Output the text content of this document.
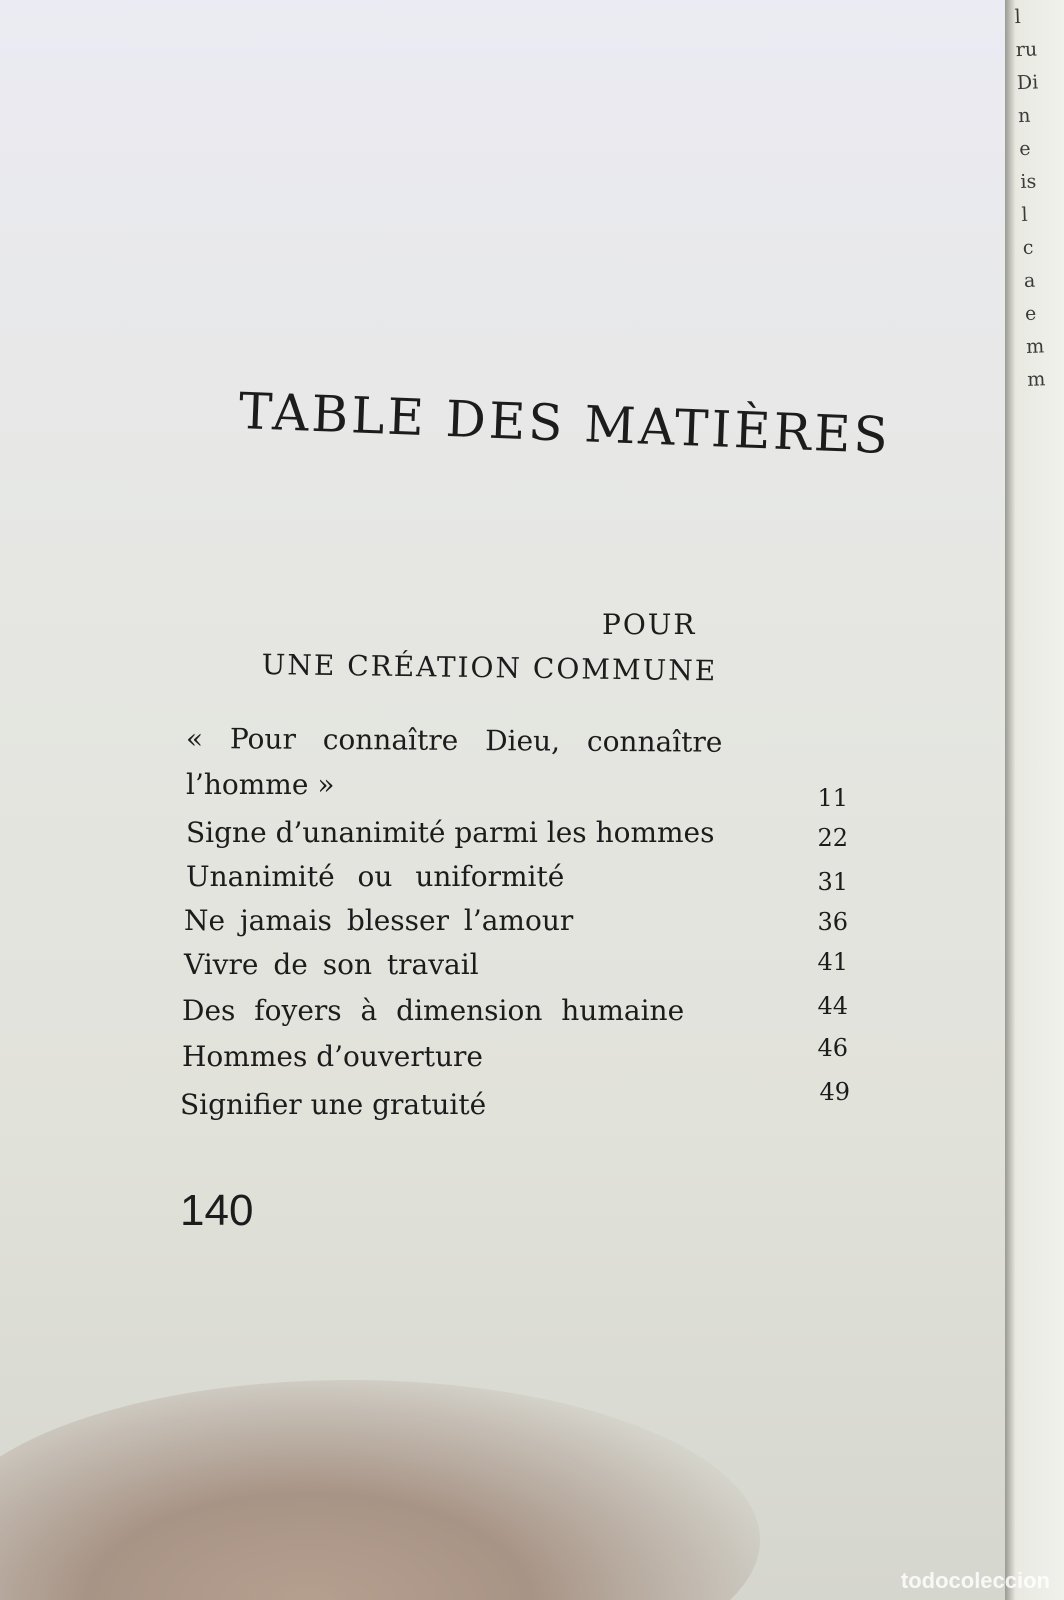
l
ru
Di
n
e
is
l
c
a
e
m
m
TABLE DES MATIÈRES
POUR
UNE CRÉATION COMMUNE
« Pour connaître Dieu, connaître
l’homme »	11
Signe d’unanimité parmi les hommes	22
Unanimité ou uniformité	31
Ne jamais blesser l’amour	36
Vivre de son travail	41
Des foyers à dimension humaine	44
Hommes d’ouverture	46
Signifier une gratuité	49
140
todocoleccion
